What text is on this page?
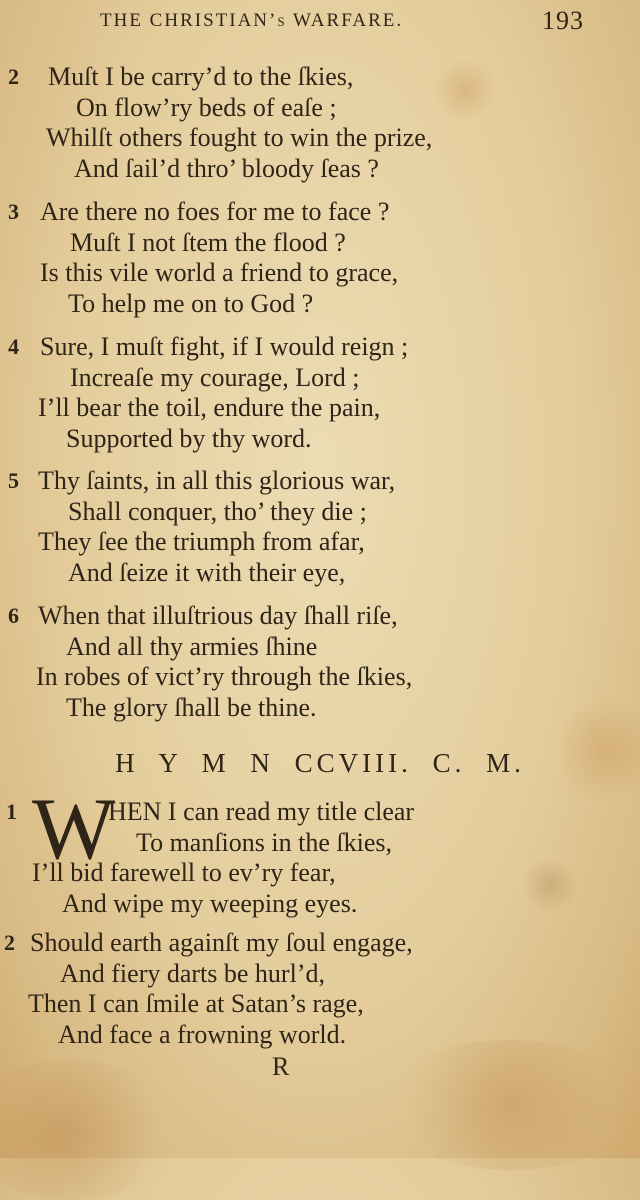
THE CHRISTIAN’s WARFARE.	193
2 Muſt I be carry’d to the ſkies,
On flow’ry beds of eaſe ;
Whilſt others fought to win the prize,
And ſail’d thro’ bloody ſeas ?
3 Are there no foes for me to face ?
Muſt I not ſtem the flood ?
Is this vile world a friend to grace,
To help me on to God ?
4 Sure, I muſt fight, if I would reign ;
Increaſe my courage, Lord ;
I’ll bear the toil, endure the pain,
Supported by thy word.
5 Thy ſaints, in all this glorious war,
Shall conquer, tho’ they die ;
They ſee the triumph from afar,
And ſeize it with their eye,
6 When that illuſtrious day ſhall riſe,
And all thy armies ſhine
In robes of vict’ry through the ſkies,
The glory ſhall be thine.
H Y M N CCVIII. C. M.
W
1	HEN I can read my title clear
To manſions in the ſkies,
I’ll bid farewell to ev’ry fear,
And wipe my weeping eyes.
2 Should earth againſt my ſoul engage,
And fiery darts be hurl’d,
Then I can ſmile at Satan’s rage,
And face a frowning world.
R
